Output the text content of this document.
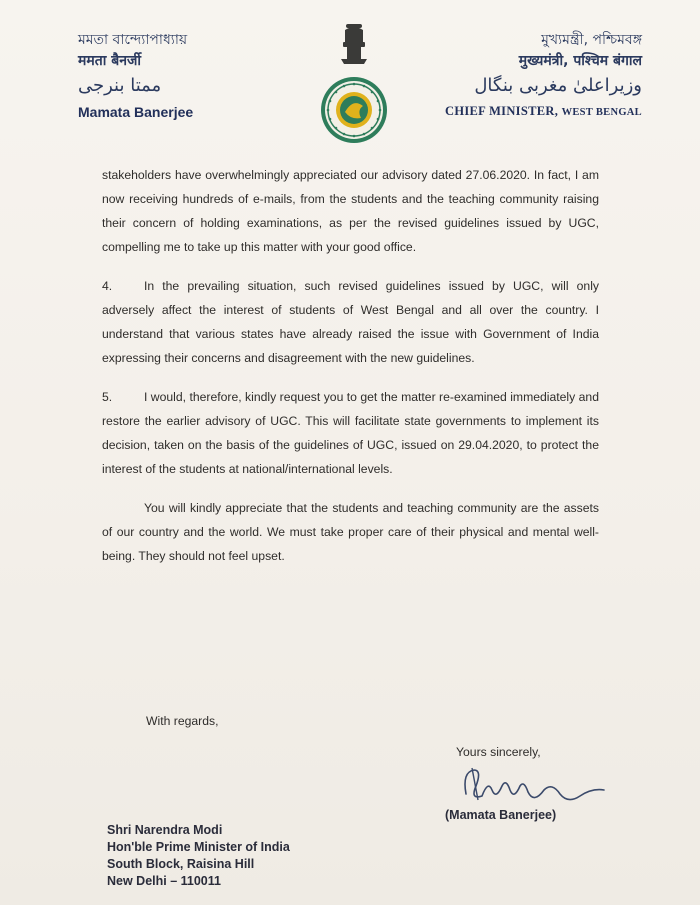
মমতা বান্দ্যোপাধ্যায়
ममता बैनर्जी
ممتا بنرجی
Mamata Banerjee
মুখ্যমন্ত্রী, পশ্চিমবঙ্গ
मुख्यमंत्री, पश्चिम बंगाल
وزیراعلیٰ مغربی بنگال
CHIEF MINISTER, WEST BENGAL

stakeholders have overwhelmingly appreciated our advisory dated 27.06.2020. In fact, I am now receiving hundreds of e-mails, from the students and the teaching community raising their concern of holding examinations, as per the revised guidelines issued by UGC, compelling me to take up this matter with your good office.

4.	In the prevailing situation, such revised guidelines issued by UGC, will only adversely affect the interest of students of West Bengal and all over the country. I understand that various states have already raised the issue with Government of India expressing their concerns and disagreement with the new guidelines.

5.	I would, therefore, kindly request you to get the matter re-examined immediately and restore the earlier advisory of UGC. This will facilitate state governments to implement its decision, taken on the basis of the guidelines of UGC, issued on 29.04.2020, to protect the interest of the students at national/international levels.

You will kindly appreciate that the students and teaching community are the assets of our country and the world. We must take proper care of their physical and mental well-being. They should not feel upset.

With regards,
Yours sincerely,
(Mamata Banerjee)
Shri Narendra Modi
Hon'ble Prime Minister of India
South Block, Raisina Hill
New Delhi – 110011
